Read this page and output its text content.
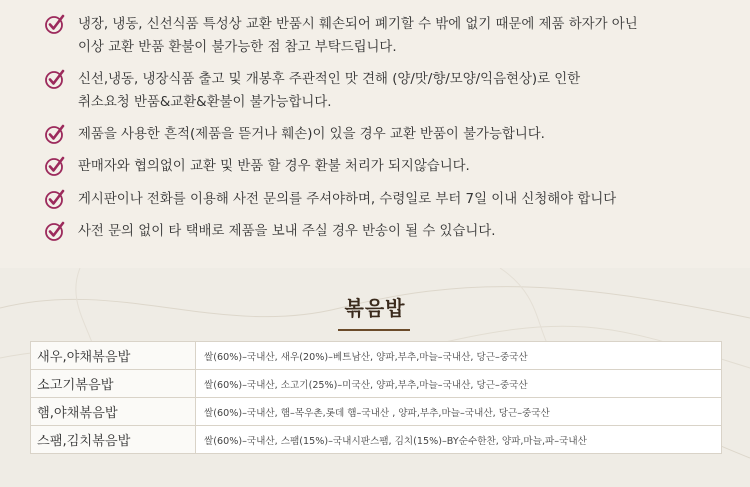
냉장, 냉동, 신선식품 특성상 교환 반품시 훼손되어 폐기할 수 밖에 없기 때문에 제품 하자가 아닌
이상 교환 반품 환불이 불가능한 점 참고 부탁드립니다.
신선,냉동, 냉장식품 출고 및 개봉후 주관적인 맛 견해 (양/맛/향/모양/익음현상)로 인한
취소요청 반품&교환&환불이 불가능합니다.
제품을 사용한 흔적(제품을 뜯거나 훼손)이 있을 경우 교환 반품이 불가능합니다.
판매자와 협의없이 교환 및 반품 할 경우 환불 처리가 되지않습니다.
게시판이나 전화를 이용해 사전 문의를 주셔야하며, 수령일로 부터 7일 이내 신청해야 합니다
사전 문의 없이 타 택배로 제품을 보내 주실 경우 반송이 될 수 있습니다.
볶음밥
새우,야채볶음밥	쌀(60%)–국내산, 새우(20%)–베트남산, 양파,부추,마늘–국내산, 당근–중국산
소고기볶음밥	쌀(60%)–국내산, 소고기(25%)–미국산, 양파,부추,마늘–국내산, 당근–중국산
햄,야채볶음밥	쌀(60%)–국내산, 햄–목우촌,롯데 햄–국내산 , 양파,부추,마늘–국내산, 당근–중국산
스팸,김치볶음밥	쌀(60%)–국내산, 스팸(15%)–국내시판스팸, 김치(15%)–BY순수한찬, 양파,마늘,파–국내산
